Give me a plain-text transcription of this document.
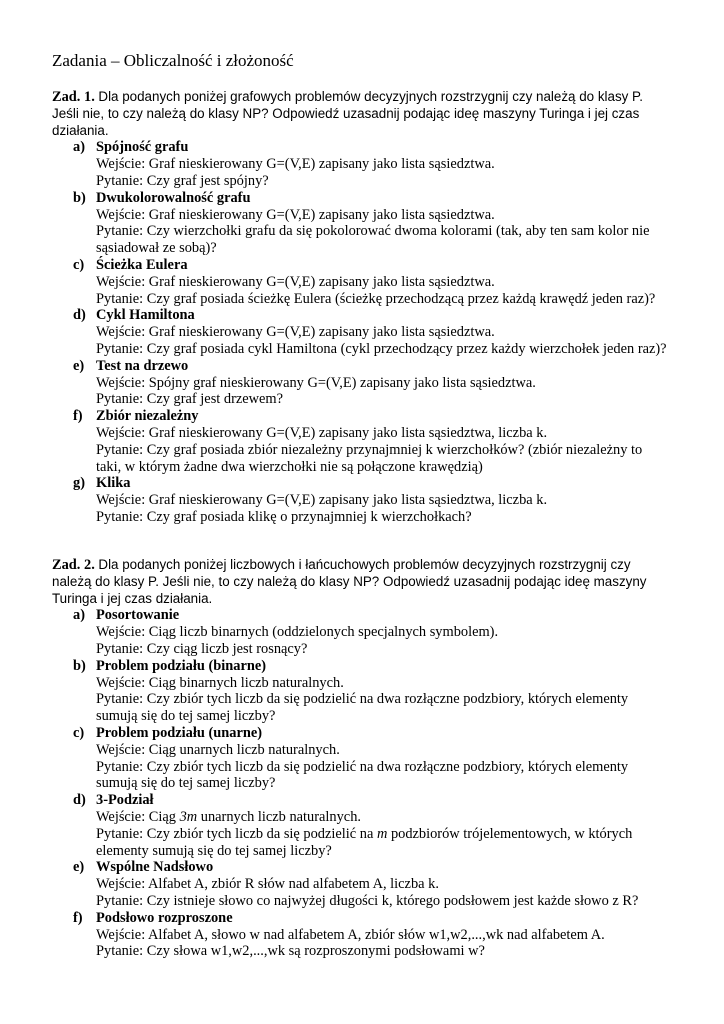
Zadania – Obliczalność i złożoność

Zad. 1. Dla podanych poniżej grafowych problemów decyzyjnych rozstrzygnij czy należą do klasy P. Jeśli nie, to czy należą do klasy NP? Odpowiedź uzasadnij podając ideę maszyny Turinga i jej czas działania.

a) Spójność grafu
Wejście: Graf nieskierowany G=(V,E) zapisany jako lista sąsiedztwa.
Pytanie: Czy graf jest spójny?
b) Dwukolorowalność grafu
Wejście: Graf nieskierowany G=(V,E) zapisany jako lista sąsiedztwa.
Pytanie: Czy wierzchołki grafu da się pokolorować dwoma kolorami (tak, aby ten sam kolor nie sąsiadował ze sobą)?
c) Ścieżka Eulera
Wejście: Graf nieskierowany G=(V,E) zapisany jako lista sąsiedztwa.
Pytanie: Czy graf posiada ścieżkę Eulera (ścieżkę przechodzącą przez każdą krawędź jeden raz)?
d) Cykl Hamiltona
Wejście: Graf nieskierowany G=(V,E) zapisany jako lista sąsiedztwa.
Pytanie: Czy graf posiada cykl Hamiltona (cykl przechodzący przez każdy wierzchołek jeden raz)?
e) Test na drzewo
Wejście: Spójny graf nieskierowany G=(V,E) zapisany jako lista sąsiedztwa.
Pytanie: Czy graf jest drzewem?
f) Zbiór niezależny
Wejście: Graf nieskierowany G=(V,E) zapisany jako lista sąsiedztwa, liczba k.
Pytanie: Czy graf posiada zbiór niezależny przynajmniej k wierzchołków? (zbiór niezależny to taki, w którym żadne dwa wierzchołki nie są połączone krawędzią)
g) Klika
Wejście: Graf nieskierowany G=(V,E) zapisany jako lista sąsiedztwa, liczba k.
Pytanie: Czy graf posiada klikę o przynajmniej k wierzchołkach?

Zad. 2. Dla podanych poniżej liczbowych i łańcuchowych problemów decyzyjnych rozstrzygnij czy należą do klasy P. Jeśli nie, to czy należą do klasy NP? Odpowiedź uzasadnij podając ideę maszyny Turinga i jej czas działania.

a) Posortowanie
Wejście: Ciąg liczb binarnych (oddzielonych specjalnych symbolem).
Pytanie: Czy ciąg liczb jest rosnący?
b) Problem podziału (binarne)
Wejście: Ciąg binarnych liczb naturalnych.
Pytanie: Czy zbiór tych liczb da się podzielić na dwa rozłączne podzbiory, których elementy sumują się do tej samej liczby?
c) Problem podziału (unarne)
Wejście: Ciąg unarnych liczb naturalnych.
Pytanie: Czy zbiór tych liczb da się podzielić na dwa rozłączne podzbiory, których elementy sumują się do tej samej liczby?
d) 3-Podział
Wejście: Ciąg 3m unarnych liczb naturalnych.
Pytanie: Czy zbiór tych liczb da się podzielić na m podzbiorów trójelementowych, w których elementy sumują się do tej samej liczby?
e) Wspólne Nadsłowo
Wejście: Alfabet A, zbiór R słów nad alfabetem A, liczba k.
Pytanie: Czy istnieje słowo co najwyżej długości k, którego podsłowem jest każde słowo z R?
f) Podsłowo rozproszone
Wejście: Alfabet A, słowo w nad alfabetem A, zbiór słów w1,w2,...,wk nad alfabetem A.
Pytanie: Czy słowa w1,w2,...,wk są rozproszonymi podsłowami w?
